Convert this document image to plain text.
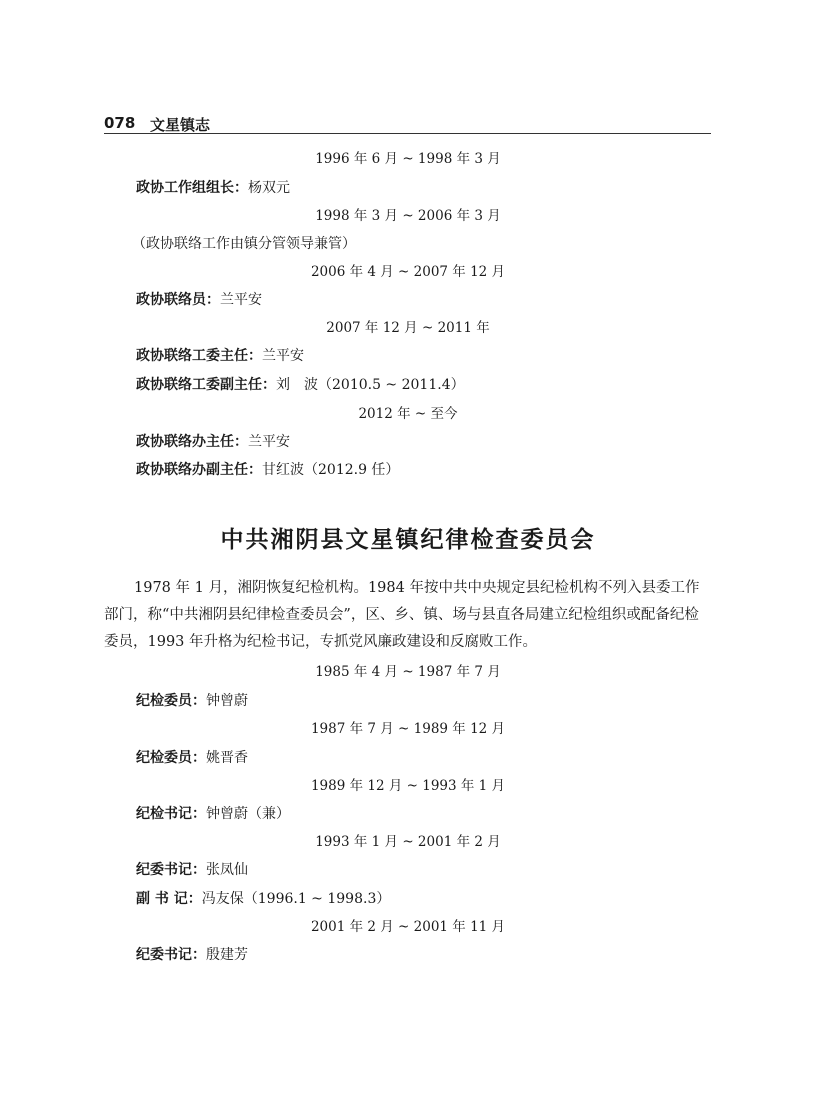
078 文星镇志
1996 年 6 月 ~ 1998 年 3 月
政协工作组组长：杨双元
1998 年 3 月 ~ 2006 年 3 月
（政协联络工作由镇分管领导兼管）
2006 年 4 月 ~ 2007 年 12 月
政协联络员：兰平安
2007 年 12 月 ~ 2011 年
政协联络工委主任：兰平安
政协联络工委副主任：刘　波（2010.5 ~ 2011.4）
2012 年 ~ 至今
政协联络办主任：兰平安
政协联络办副主任：甘红波（2012.9 任）
中共湘阴县文星镇纪律检查委员会
1978 年 1 月，湘阴恢复纪检机构。1984 年按中共中央规定县纪检机构不列入县委工作部门，称“中共湘阴县纪律检查委员会”，区、乡、镇、场与县直各局建立纪检组织或配备纪检委员，1993 年升格为纪检书记，专抓党风廉政建设和反腐败工作。
1985 年 4 月 ~ 1987 年 7 月
纪检委员：钟曾蔚
1987 年 7 月 ~ 1989 年 12 月
纪检委员：姚晋香
1989 年 12 月 ~ 1993 年 1 月
纪检书记：钟曾蔚（兼）
1993 年 1 月 ~ 2001 年 2 月
纪委书记：张凤仙
副 书 记：冯友保（1996.1 ~ 1998.3）
2001 年 2 月 ~ 2001 年 11 月
纪委书记：殷建芳
